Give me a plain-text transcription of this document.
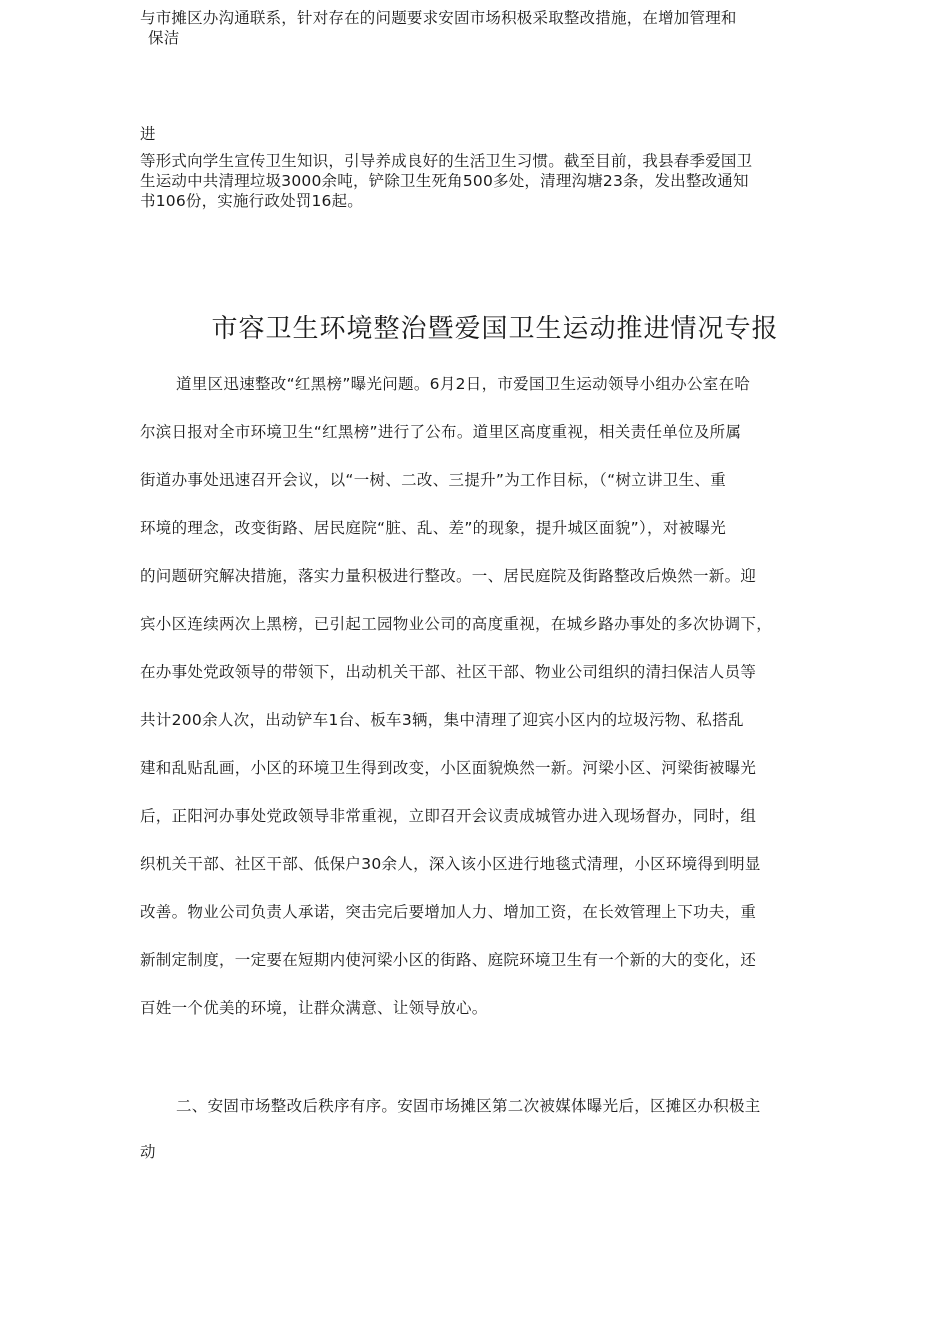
与市摊区办沟通联系，针对存在的问题要求安固市场积极采取整改措施，在增加管理和
保洁
进
等形式向学生宣传卫生知识，引导养成良好的生活卫生习惯。截至目前，我县春季爱国卫
生运动中共清理垃圾3000余吨，铲除卫生死角500多处，清理沟塘23条，发出整改通知
书106份，实施行政处罚16起。
市容卫生环境整治暨爱国卫生运动推进情况专报
道里区迅速整改“红黑榜”曝光问题。6月2日，市爱国卫生运动领导小组办公室在哈
尔滨日报对全市环境卫生“红黑榜”进行了公布。道里区高度重视，相关责任单位及所属
街道办事处迅速召开会议，以“一树、二改、三提升”为工作目标，（“树立讲卫生、重
环境的理念，改变街路、居民庭院“脏、乱、差”的现象，提升城区面貌”），对被曝光
的问题研究解决措施，落实力量积极进行整改。一、居民庭院及街路整改后焕然一新。迎
宾小区连续两次上黑榜，已引起工园物业公司的高度重视，在城乡路办事处的多次协调下，
在办事处党政领导的带领下，出动机关干部、社区干部、物业公司组织的清扫保洁人员等
共计200余人次，出动铲车1台、板车3辆，集中清理了迎宾小区内的垃圾污物、私搭乱
建和乱贴乱画，小区的环境卫生得到改变，小区面貌焕然一新。河梁小区、河梁街被曝光
后，正阳河办事处党政领导非常重视，立即召开会议责成城管办进入现场督办，同时，组
织机关干部、社区干部、低保户30余人，深入该小区进行地毯式清理，小区环境得到明显
改善。物业公司负责人承诺，突击完后要增加人力、增加工资，在长效管理上下功夫，重
新制定制度，一定要在短期内使河梁小区的街路、庭院环境卫生有一个新的大的变化，还
百姓一个优美的环境，让群众满意、让领导放心。
二、安固市场整改后秩序有序。安固市场摊区第二次被媒体曝光后，区摊区办积极主
动
